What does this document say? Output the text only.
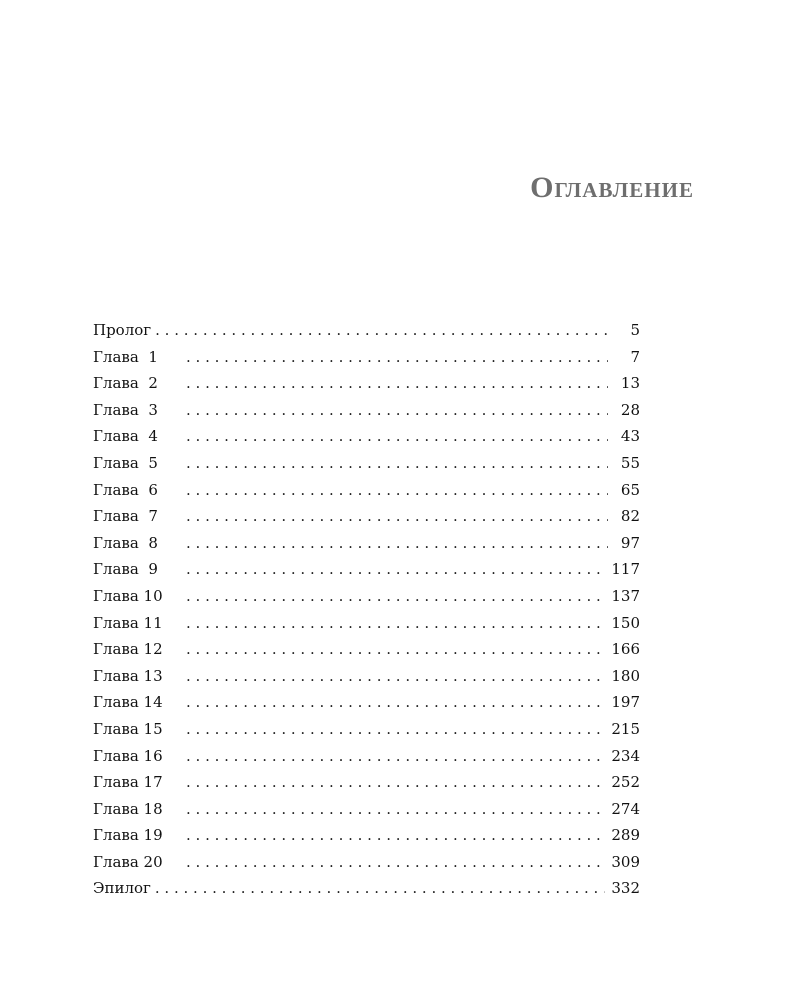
Оглавление
Пролог . . .	5
Глава  1 . . .	7
Глава  2 . . .	13
Глава  3 . . .	28
Глава  4 . . .	43
Глава  5 . . .	55
Глава  6 . . .	65
Глава  7 . . .	82
Глава  8 . . .	97
Глава  9 . . .	117
Глава 10 . . .	137
Глава 11 . . .	150
Глава 12 . . .	166
Глава 13 . . .	180
Глава 14 . . .	197
Глава 15 . . .	215
Глава 16 . . .	234
Глава 17 . . .	252
Глава 18 . . .	274
Глава 19 . . .	289
Глава 20 . . .	309
Эпилог . . .	332
